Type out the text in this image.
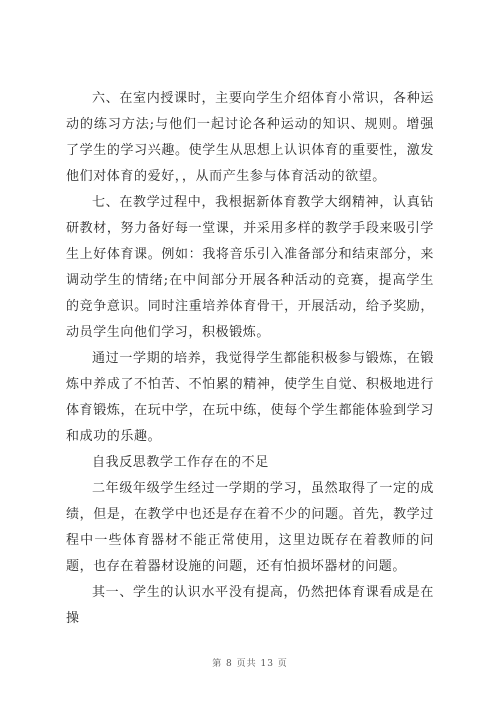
六、在室内授课时，主要向学生介绍体育小常识，各种运动的练习方法;与他们一起讨论各种运动的知识、规则。增强了学生的学习兴趣。使学生从思想上认识体育的重要性，激发他们对体育的爱好，，从而产生参与体育活动的欲望。

七、在教学过程中，我根据新体育教学大纲精神，认真钻研教材，努力备好每一堂课，并采用多样的教学手段来吸引学生上好体育课。例如：我将音乐引入准备部分和结束部分，来调动学生的情绪;在中间部分开展各种活动的竞赛，提高学生的竞争意识。同时注重培养体育骨干，开展活动，给予奖励，动员学生向他们学习，积极锻炼。

通过一学期的培养，我觉得学生都能积极参与锻炼，在锻炼中养成了不怕苦、不怕累的精神，使学生自觉、积极地进行体育锻炼，在玩中学，在玩中练，使每个学生都能体验到学习和成功的乐趣。

自我反思教学工作存在的不足

二年级年级学生经过一学期的学习，虽然取得了一定的成绩，但是，在教学中也还是存在着不少的问题。首先，教学过程中一些体育器材不能正常使用，这里边既存在着教师的问题，也存在着器材设施的问题，还有怕损坏器材的问题。

其一、学生的认识水平没有提高，仍然把体育课看成是在操

第 8 页共 13 页
